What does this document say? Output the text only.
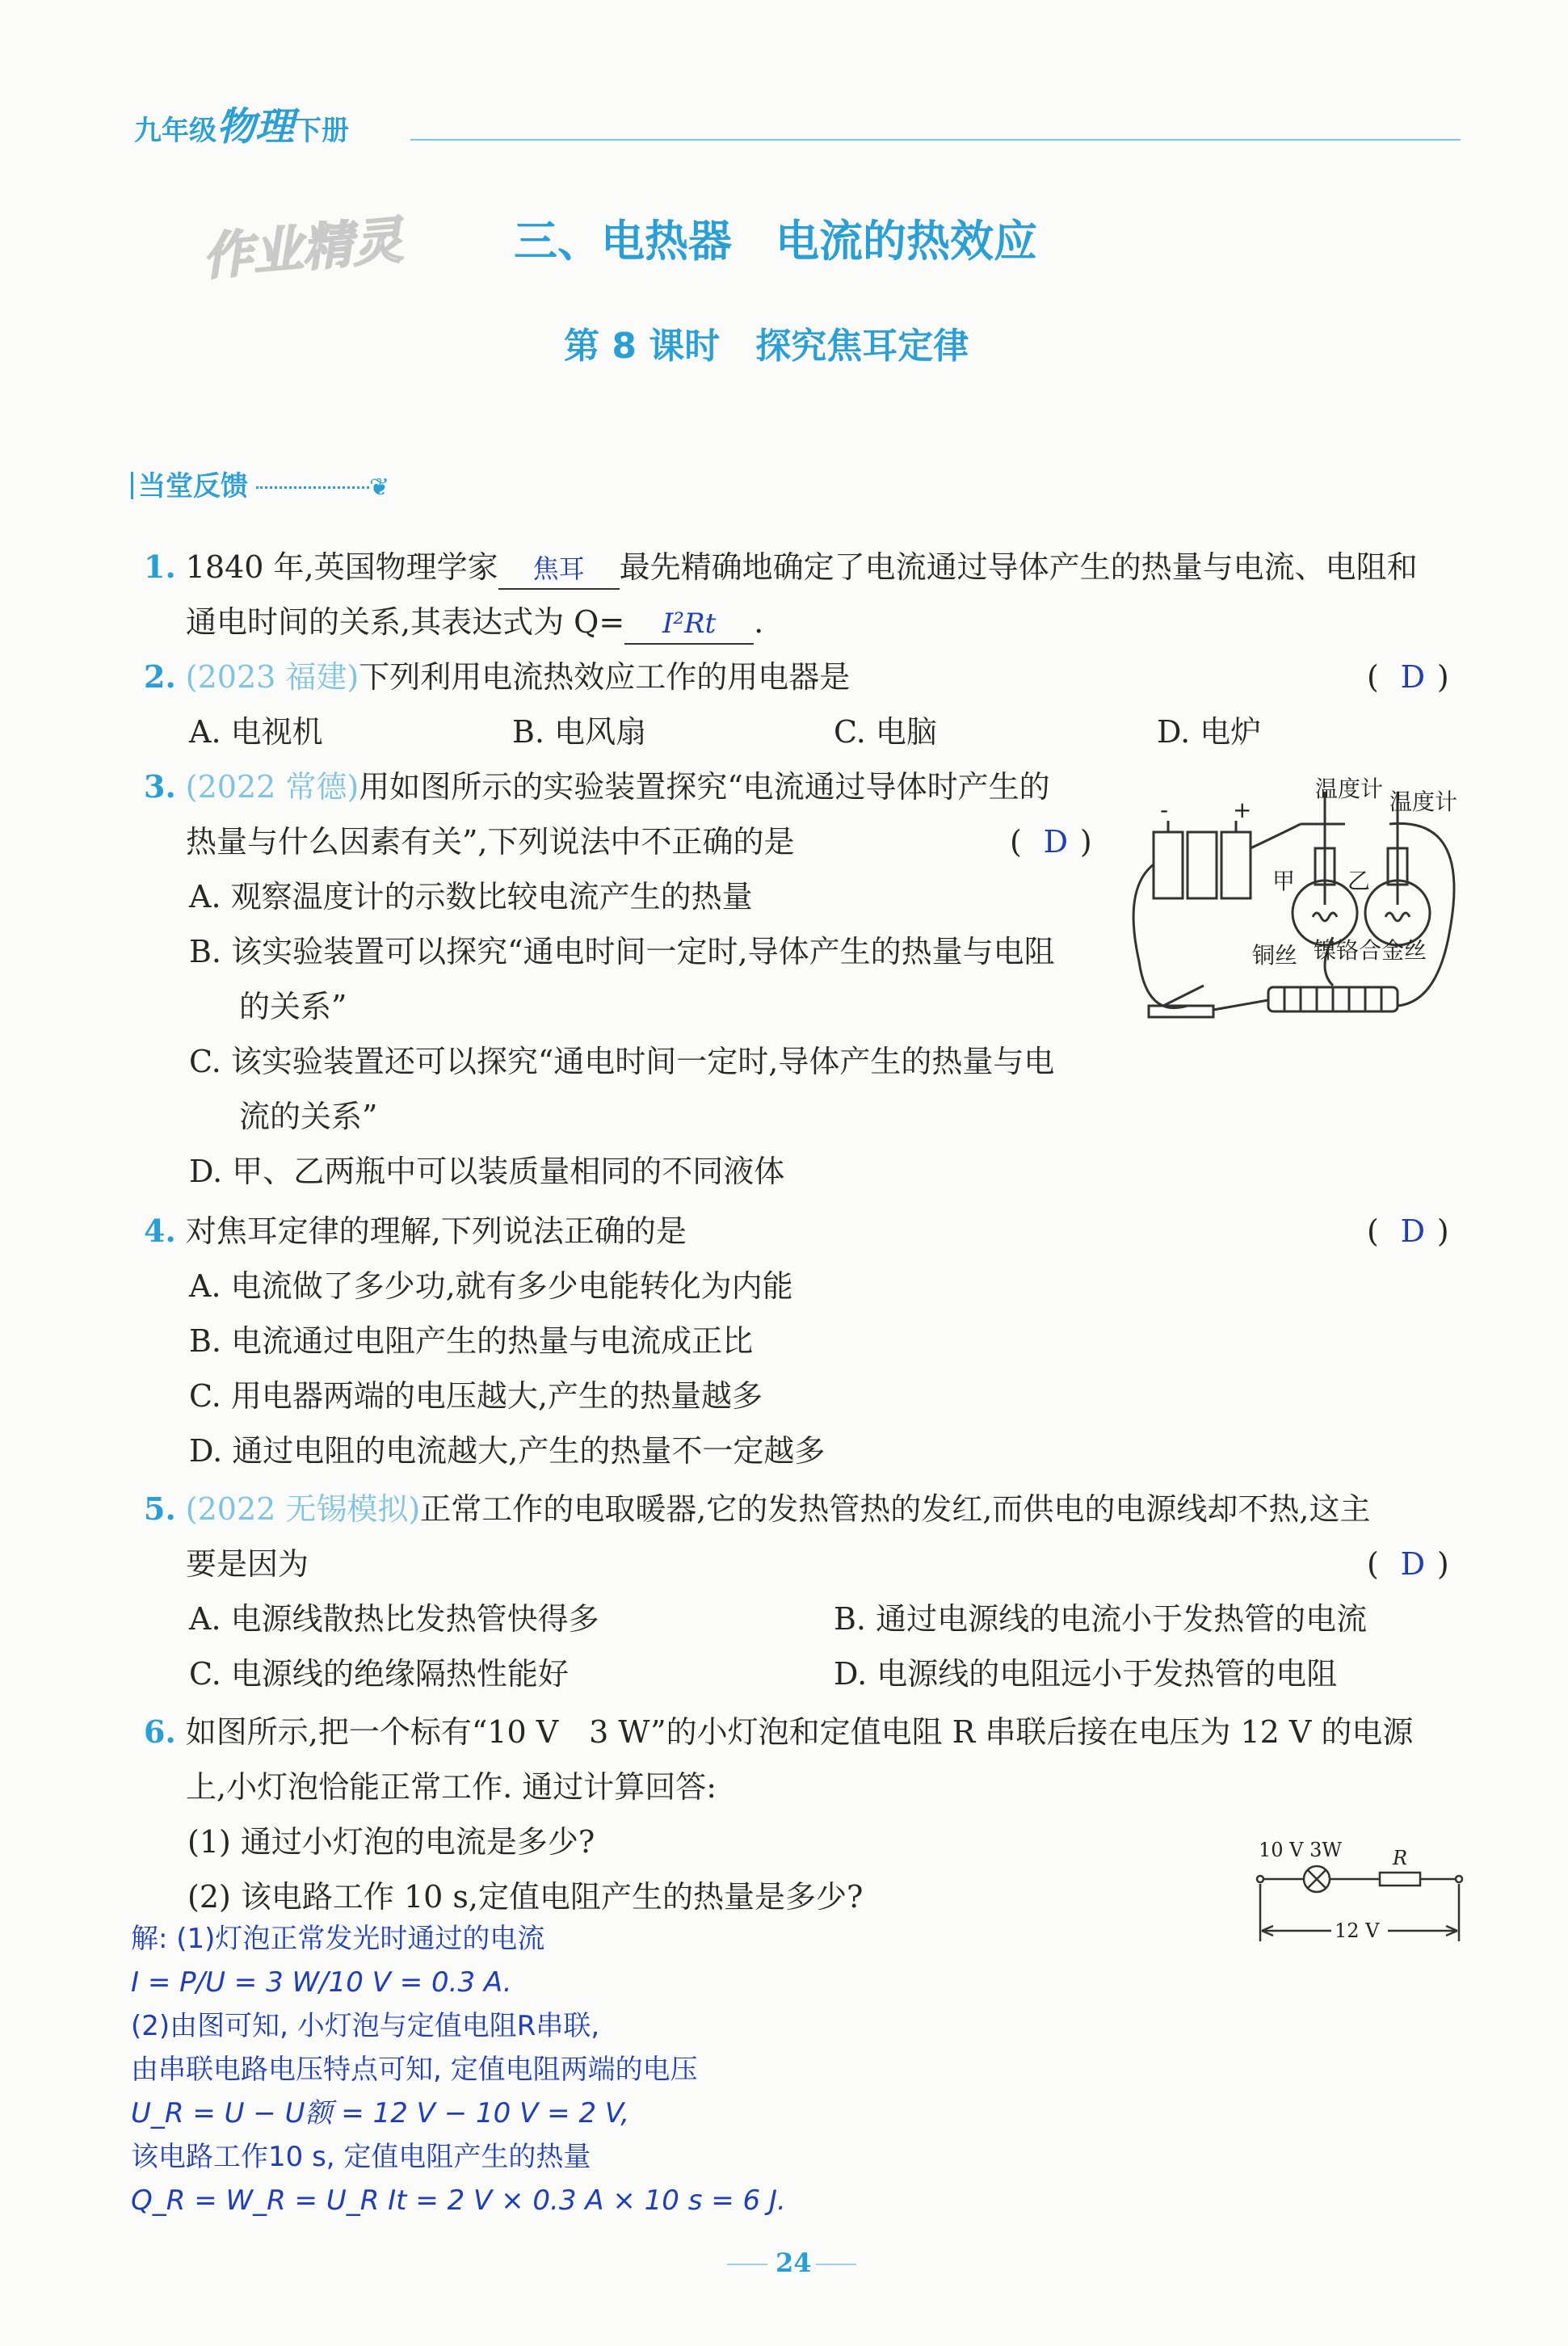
九年级物理下册
作业精灵 三、电热器　电流的热效应
第 8 课时　探究焦耳定律
当堂反馈	❦
1. 1840 年,英国物理学家 焦耳 最先精确地确定了电流通过导体产生的热量与电流、电阻和
通电时间的关系,其表达式为 Q= I²Rt .
2. (2023 福建)下列利用电流热效应工作的用电器是	( D )
A. 电视机	B. 电风扇	C. 电脑	D. 电炉
3. (2022 常德)用如图所示的实验装置探究“电流通过导体时产生的
热量与什么因素有关”,下列说法中不正确的是	( D )
A. 观察温度计的示数比较电流产生的热量
B. 该实验装置可以探究“通电时间一定时,导体产生的热量与电阻
的关系”
C. 该实验装置还可以探究“通电时间一定时,导体产生的热量与电
流的关系”
D. 甲、乙两瓶中可以装质量相同的不同液体
-	+
温度计 温度计
甲 乙
铜丝 镍铬合金丝
4. 对焦耳定律的理解,下列说法正确的是	( D )
A. 电流做了多少功,就有多少电能转化为内能
B. 电流通过电阻产生的热量与电流成正比
C. 用电器两端的电压越大,产生的热量越多
D. 通过电阻的电流越大,产生的热量不一定越多
5. (2022 无锡模拟)正常工作的电取暖器,它的发热管热的发红,而供电的电源线却不热,这主
要是因为	( D )
A. 电源线散热比发热管快得多	B. 通过电源线的电流小于发热管的电流
C. 电源线的绝缘隔热性能好	D. 电源线的电阻远小于发热管的电阻
6. 如图所示,把一个标有“10 V　3 W”的小灯泡和定值电阻 R 串联后接在电压为 12 V 的电源
上,小灯泡恰能正常工作. 通过计算回答:
(1) 通过小灯泡的电流是多少?
(2) 该电路工作 10 s,定值电阻产生的热量是多少?
10 V 3W	R
12 V
解: (1)灯泡正常发光时通过的电流
I = P/U = 3 W/10 V = 0.3 A.
(2)由图可知, 小灯泡与定值电阻R串联,
由串联电路电压特点可知, 定值电阻两端的电压
U_R = U − U额 = 12 V − 10 V = 2 V,
该电路工作10 s, 定值电阻产生的热量
Q_R = W_R = U_R It = 2 V × 0.3 A × 10 s = 6 J.
24
